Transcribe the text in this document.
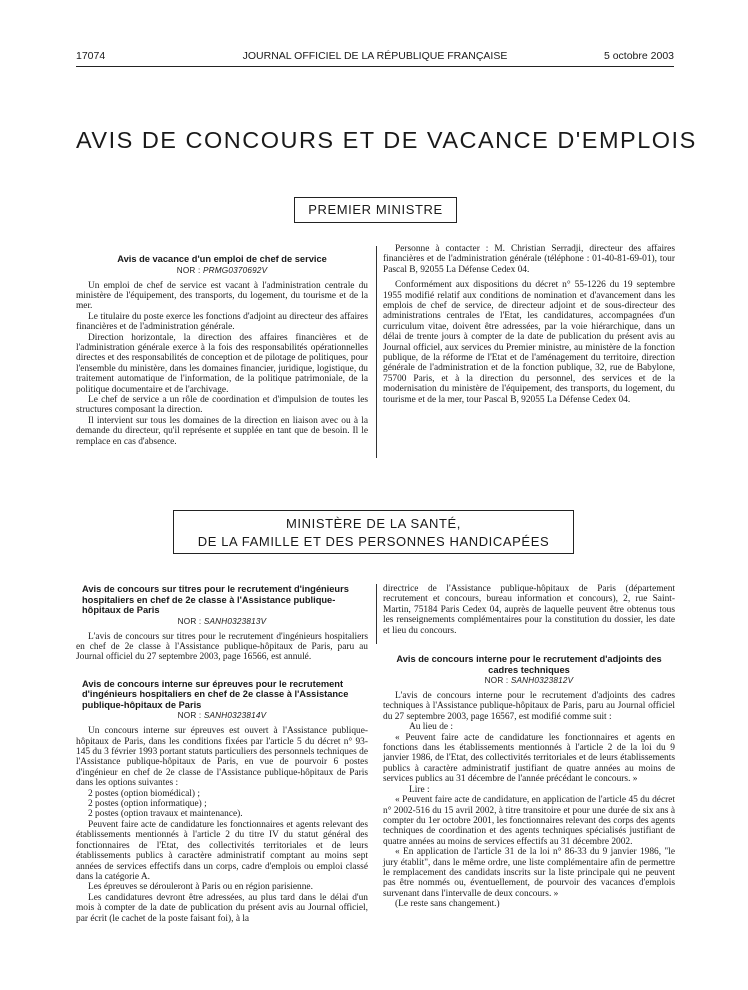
17074	JOURNAL OFFICIEL DE LA RÉPUBLIQUE FRANÇAISE	5 octobre 2003
AVIS DE CONCOURS ET DE VACANCE D'EMPLOIS
PREMIER MINISTRE
Avis de vacance d'un emploi de chef de service
NOR : PRMG0370692V

Un emploi de chef de service est vacant à l'administration centrale du ministère de l'équipement, des transports, du logement, du tourisme et de la mer.

Le titulaire du poste exerce les fonctions d'adjoint au directeur des affaires financières et de l'administration générale.

Direction horizontale, la direction des affaires financières et de l'administration générale exerce à la fois des responsabilités opérationnelles directes et des responsabilités de conception et de pilotage de politiques, pour l'ensemble du ministère, dans les domaines financier, juridique, logistique, du traitement automatique de l'information, de la politique patrimoniale, de la politique documentaire et de l'archivage.

Le chef de service a un rôle de coordination et d'impulsion de toutes les structures composant la direction.

Il intervient sur tous les domaines de la direction en liaison avec ou à la demande du directeur, qu'il représente et supplée en tant que de besoin. Il le remplace en cas d'absence.

Personne à contacter : M. Christian Serradji, directeur des affaires financières et de l'administration générale (téléphone : 01-40-81-69-01), tour Pascal B, 92055 La Défense Cedex 04.

Conformément aux dispositions du décret n° 55-1226 du 19 septembre 1955 modifié relatif aux conditions de nomination et d'avancement dans les emplois de chef de service, de directeur adjoint et de sous-directeur des administrations centrales de l'Etat, les candidatures, accompagnées d'un curriculum vitae, doivent être adressées, par la voie hiérarchique, dans un délai de trente jours à compter de la date de publication du présent avis au Journal officiel, aux services du Premier ministre, au ministère de la fonction publique, de la réforme de l'Etat et de l'aménagement du territoire, direction générale de l'administration et de la fonction publique, 32, rue de Babylone, 75700 Paris, et à la direction du personnel, des services et de la modernisation du ministère de l'équipement, des transports, du logement, du tourisme et de la mer, tour Pascal B, 92055 La Défense Cedex 04.

MINISTÈRE DE LA SANTÉ,
DE LA FAMILLE ET DES PERSONNES HANDICAPÉES
Avis de concours sur titres pour le recrutement d'ingénieurs hospitaliers en chef de 2e classe à l'Assistance publique-hôpitaux de Paris
NOR : SANH0323813V

L'avis de concours sur titres pour le recrutement d'ingénieurs hospitaliers en chef de 2e classe à l'Assistance publique-hôpitaux de Paris, paru au Journal officiel du 27 septembre 2003, page 16566, est annulé.

Avis de concours interne sur épreuves pour le recrutement d'ingénieurs hospitaliers en chef de 2e classe à l'Assistance publique-hôpitaux de Paris
NOR : SANH0323814V

Un concours interne sur épreuves est ouvert à l'Assistance publique-hôpitaux de Paris, dans les conditions fixées par l'article 5 du décret n° 93-145 du 3 février 1993 portant statuts particuliers des personnels techniques de l'Assistance publique-hôpitaux de Paris, en vue de pourvoir 6 postes d'ingénieur en chef de 2e classe de l'Assistance publique-hôpitaux de Paris dans les options suivantes :

2 postes (option biomédical) ;

2 postes (option informatique) ;

2 postes (option travaux et maintenance).

Peuvent faire acte de candidature les fonctionnaires et agents relevant des établissements mentionnés à l'article 2 du titre IV du statut général des fonctionnaires de l'Etat, des collectivités territoriales et de leurs établissements publics à caractère administratif comptant au moins sept années de services effectifs dans un corps, cadre d'emplois ou emploi classé dans la catégorie A.

Les épreuves se dérouleront à Paris ou en région parisienne.

Les candidatures devront être adressées, au plus tard dans le délai d'un mois à compter de la date de publication du présent avis au Journal officiel, par écrit (le cachet de la poste faisant foi), à la

directrice de l'Assistance publique-hôpitaux de Paris (département recrutement et concours, bureau information et concours), 2, rue Saint-Martin, 75184 Paris Cedex 04, auprès de laquelle peuvent être obtenus tous les renseignements complémentaires pour la constitution du dossier, les date et lieu du concours.

Avis de concours interne pour le recrutement d'adjoints des cadres techniques
NOR : SANH0323812V

L'avis de concours interne pour le recrutement d'adjoints des cadres techniques à l'Assistance publique-hôpitaux de Paris, paru au Journal officiel du 27 septembre 2003, page 16567, est modifié comme suit :

Au lieu de :

« Peuvent faire acte de candidature les fonctionnaires et agents en fonctions dans les établissements mentionnés à l'article 2 de la loi du 9 janvier 1986, de l'Etat, des collectivités territoriales et de leurs établissements publics à caractère administratif justifiant de quatre années au moins de services publics au 31 décembre de l'année précédant le concours. »

Lire :

« Peuvent faire acte de candidature, en application de l'article 45 du décret n° 2002-516 du 15 avril 2002, à titre transitoire et pour une durée de six ans à compter du 1er octobre 2001, les fonctionnaires relevant des corps des agents techniques de coordination et des agents techniques spécialisés justifiant de quatre années au moins de services effectifs au 31 décembre 2002.

« En application de l'article 31 de la loi n° 86-33 du 9 janvier 1986, "le jury établit", dans le même ordre, une liste complémentaire afin de permettre le remplacement des candidats inscrits sur la liste principale qui ne peuvent pas être nommés ou, éventuellement, de pourvoir des vacances d'emplois survenant dans l'intervalle de deux concours. »

(Le reste sans changement.)
